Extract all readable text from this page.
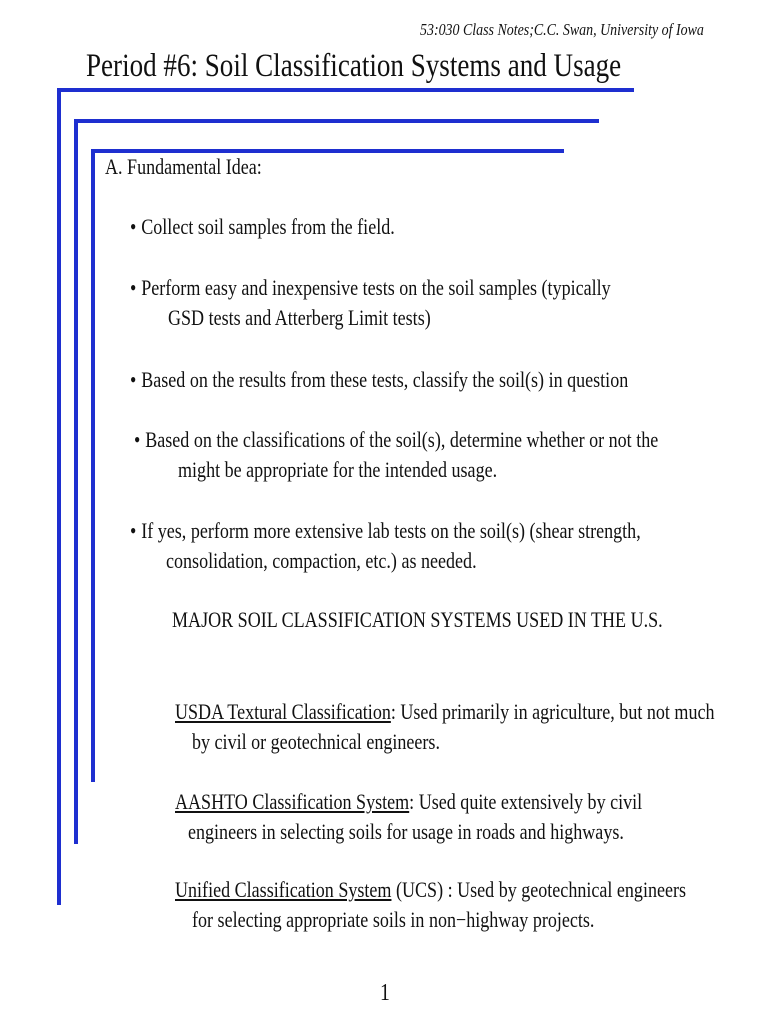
53:030 Class Notes;C.C. Swan, University of Iowa
Period #6: Soil Classification Systems and Usage
A. Fundamental Idea:
• Collect soil samples from the field.
• Perform easy and inexpensive tests on the soil samples (typically
GSD tests and Atterberg Limit tests)
• Based on the results from these tests, classify the soil(s) in question
• Based on the classifications of the soil(s), determine whether or not the
might be appropriate for the intended usage.
• If yes, perform more extensive lab tests on the soil(s) (shear strength,
consolidation, compaction, etc.) as needed.
MAJOR SOIL CLASSIFICATION SYSTEMS USED IN THE U.S.
USDA Textural Classification: Used primarily in agriculture, but not much
by civil or geotechnical engineers.
AASHTO Classification System: Used quite extensively by civil
engineers in selecting soils for usage in roads and highways.
Unified Classification System (UCS) : Used by geotechnical engineers
for selecting appropriate soils in non−highway projects.
1
